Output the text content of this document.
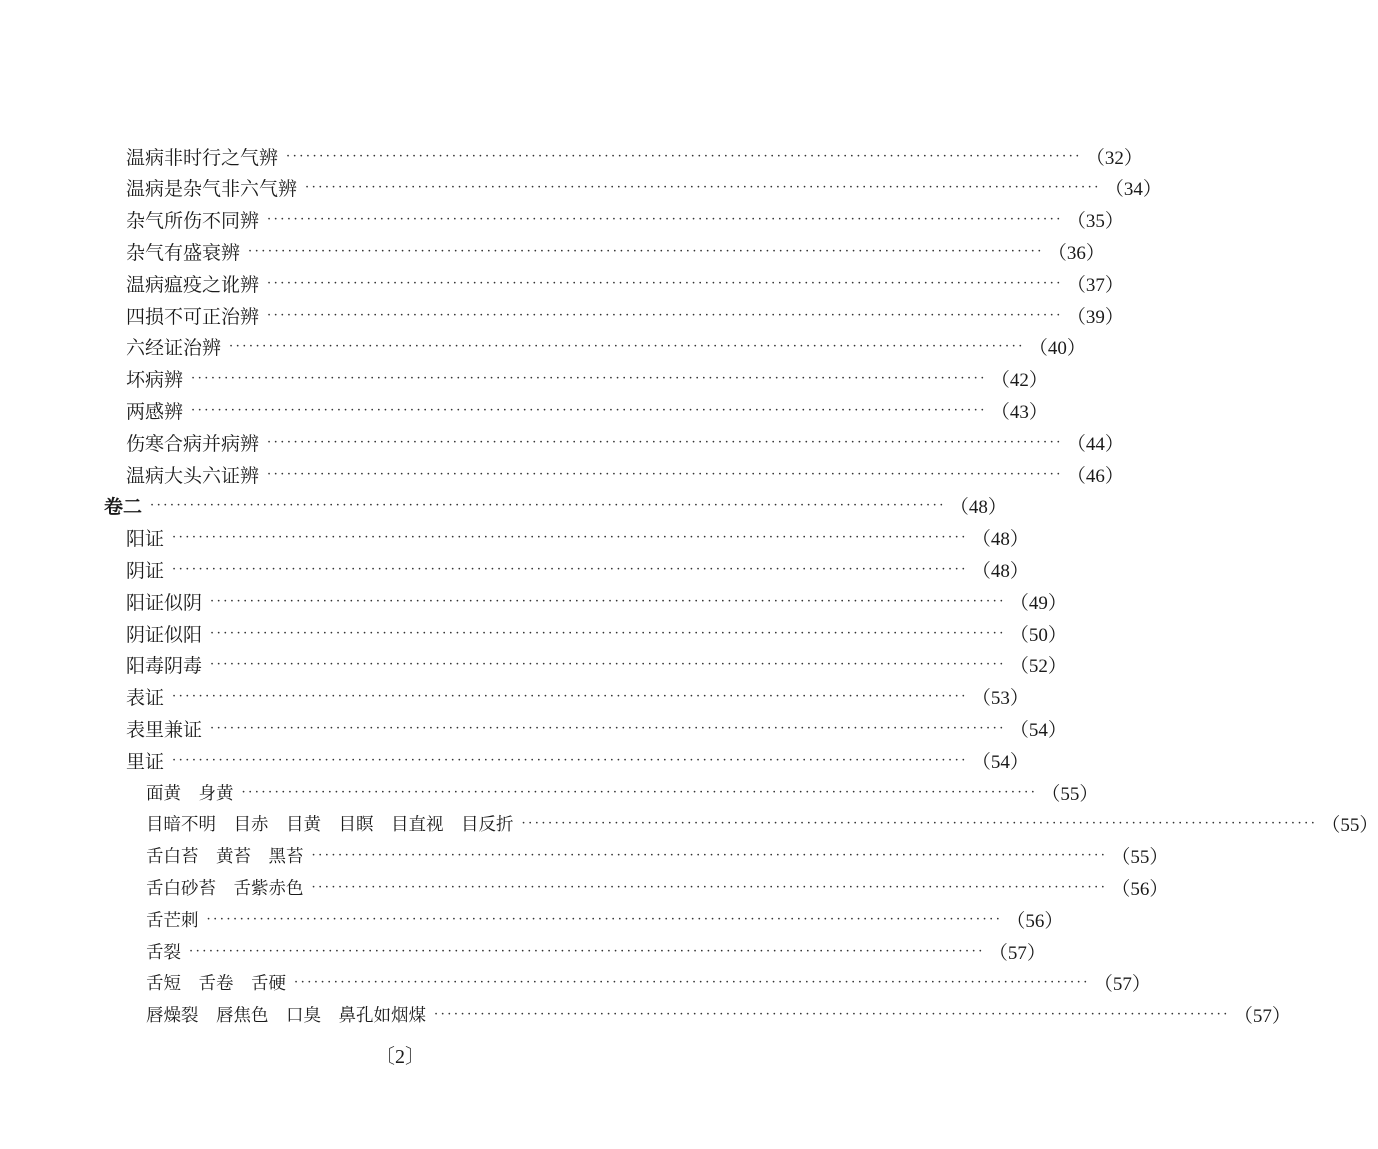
温病非时行之气辨 ························································································································ （32）
温病是杂气非六气辨 ························································································································ （34）
杂气所伤不同辨 ························································································································ （35）
杂气有盛衰辨 ························································································································ （36）
温病瘟疫之讹辨 ························································································································ （37）
四损不可正治辨 ························································································································ （39）
六经证治辨 ························································································································ （40）
坏病辨 ························································································································ （42）
两感辨 ························································································································ （43）
伤寒合病并病辨 ························································································································ （44）
温病大头六证辨 ························································································································ （46）
卷二 ························································································································ （48）
阳证 ························································································································ （48）
阴证 ························································································································ （48）
阳证似阴 ························································································································ （49）
阴证似阳 ························································································································ （50）
阳毒阴毒 ························································································································ （52）
表证 ························································································································ （53）
表里兼证 ························································································································ （54）
里证 ························································································································ （54）
面黄　身黄 ························································································································ （55）
目暗不明　目赤　目黄　目瞑　目直视　目反折 ························································································································ （55）
舌白苔　黄苔　黑苔 ························································································································ （55）
舌白砂苔　舌紫赤色 ························································································································ （56）
舌芒刺 ························································································································ （56）
舌裂 ························································································································ （57）
舌短　舌卷　舌硬 ························································································································ （57）
唇燥裂　唇焦色　口臭　鼻孔如烟煤 ························································································································ （57）
〔2〕
